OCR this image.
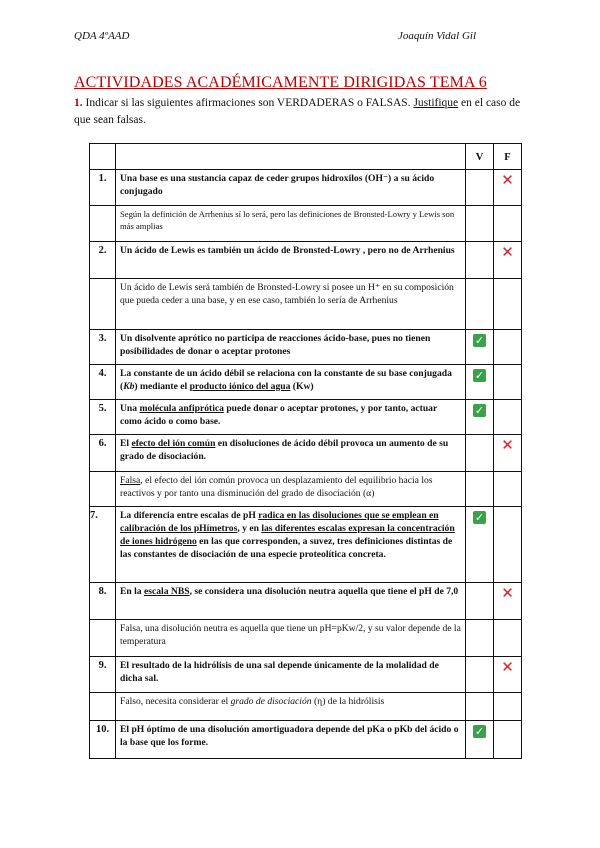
QDA 4ºAAD	Joaquín Vidal Gil
ACTIVIDADES ACADÉMICAMENTE DIRIGIDAS TEMA 6
1. Indicar si las siguientes afirmaciones son VERDADERAS o FALSAS. Justifique en el caso de que sean falsas.
		V	F
1.	Una base es una sustancia capaz de ceder grupos hidroxilos (OH⁻) a su ácido conjugado		✕
	Según la definición de Arrhenius sí lo será, pero las definiciones de Bronsted-Lowry y Lewis son más amplias		
2.	Un ácido de Lewis es también un ácido de Bronsted-Lowry , pero no de Arrhenius		✕
	Un ácido de Lewis será también de Bronsted-Lowry si posee un H⁺ en su composición que pueda ceder a una base, y en ese caso, también lo sería de Arrhenius		
3.	Un disolvente aprótico no participa de reacciones ácido-base, pues no tienen posibilidades de donar o aceptar protones	✓	
4.	La constante de un ácido débil se relaciona con la constante de su base conjugada (Kb) mediante el producto iónico del agua (Kw)	✓	
5.	Una molécula anfiprótica puede donar o aceptar protones, y por tanto, actuar como ácido o como base.	✓	
6.	El efecto del ión común en disoluciones de ácido débil provoca un aumento de su grado de disociación.		✕
	Falsa, el efecto del ión común provoca un desplazamiento del equilibrio hacia los reactivos y por tanto una disminución del grado de disociación (α)		
7.	La diferencia entre escalas de pH radica en las disoluciones que se emplean en calibración de los pHímetros, y en las diferentes escalas expresan la concentración de iones hidrógeno en las que corresponden, a suvez, tres definiciones distintas de las constantes de disociación de una especie proteolítica concreta.	✓	
8.	En la escala NBS, se considera una disolución neutra aquella que tiene el pH de 7,0		✕
	Falsa, una disolución neutra es aquella que tiene un pH=pKw/2, y su valor depende de la temperatura		
9.	El resultado de la hidrólisis de una sal depende únicamente de la molalidad de dicha sal.		✕
	Falso, necesita considerar el grado de disociación (η) de la hidrólisis		
10.	El pH óptimo de una disolución amortiguadora depende del pKa o pKb del ácido o la base que los forme.	✓	
